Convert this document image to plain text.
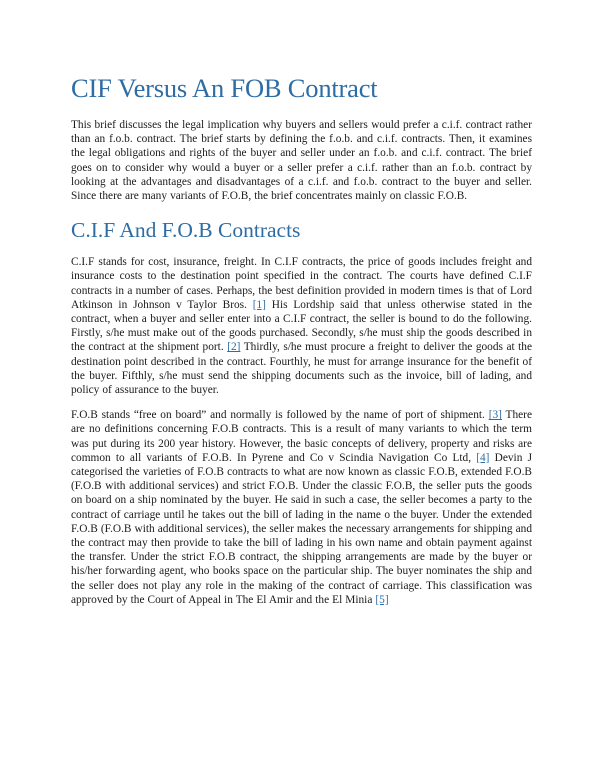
CIF Versus An FOB Contract

This brief discusses the legal implication why buyers and sellers would prefer a c.i.f. contract rather than an f.o.b. contract. The brief starts by defining the f.o.b. and c.i.f. contracts. Then, it examines the legal obligations and rights of the buyer and seller under an f.o.b. and c.i.f. contract. The brief goes on to consider why would a buyer or a seller prefer a c.i.f. rather than an f.o.b. contract by looking at the advantages and disadvantages of a c.i.f. and f.o.b. contract to the buyer and seller. Since there are many variants of F.O.B, the brief concentrates mainly on classic F.O.B.

C.I.F And F.O.B Contracts

C.I.F stands for cost, insurance, freight. In C.I.F contracts, the price of goods includes freight and insurance costs to the destination point specified in the contract. The courts have defined C.I.F contracts in a number of cases. Perhaps, the best definition provided in modern times is that of Lord Atkinson in Johnson v Taylor Bros. [1] His Lordship said that unless otherwise stated in the contract, when a buyer and seller enter into a C.I.F contract, the seller is bound to do the following. Firstly, s/he must make out of the goods purchased. Secondly, s/he must ship the goods described in the contract at the shipment port. [2] Thirdly, s/he must procure a freight to deliver the goods at the destination point described in the contract. Fourthly, he must for arrange insurance for the benefit of the buyer. Fifthly, s/he must send the shipping documents such as the invoice, bill of lading, and policy of assurance to the buyer.

F.O.B stands “free on board” and normally is followed by the name of port of shipment. [3] There are no definitions concerning F.O.B contracts. This is a result of many variants to which the term was put during its 200 year history. However, the basic concepts of delivery, property and risks are common to all variants of F.O.B. In Pyrene and Co v Scindia Navigation Co Ltd, [4] Devin J categorised the varieties of F.O.B contracts to what are now known as classic F.O.B, extended F.O.B (F.O.B with additional services) and strict F.O.B. Under the classic F.O.B, the seller puts the goods on board on a ship nominated by the buyer. He said in such a case, the seller becomes a party to the contract of carriage until he takes out the bill of lading in the name o the buyer. Under the extended F.O.B (F.O.B with additional services), the seller makes the necessary arrangements for shipping and the contract may then provide to take the bill of lading in his own name and obtain payment against the transfer. Under the strict F.O.B contract, the shipping arrangements are made by the buyer or his/her forwarding agent, who books space on the particular ship. The buyer nominates the ship and the seller does not play any role in the making of the contract of carriage. This classification was approved by the Court of Appeal in The El Amir and the El Minia [5]
